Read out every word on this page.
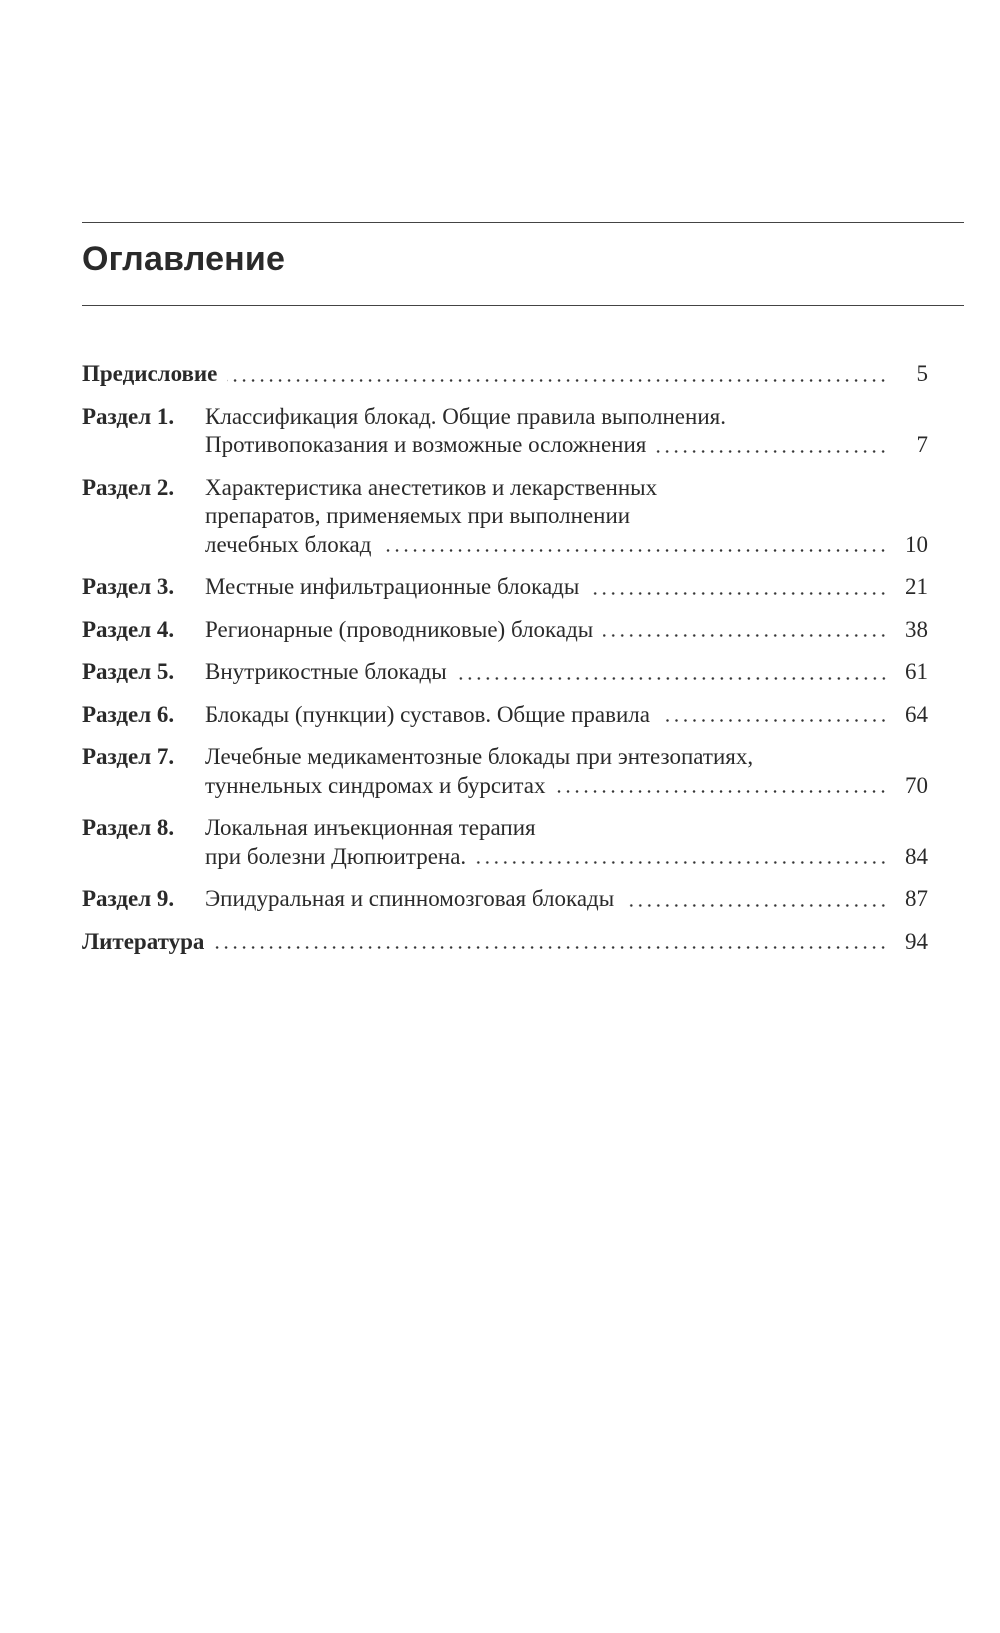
Оглавление
Предисловие	5
Раздел 1.	Классификация блокад. Общие правила выполнения.
Противопоказания и возможные осложнения	7
Раздел 2.	Характеристика анестетиков и лекарственных
препаратов, применяемых при выполнении
лечебных блокад	10
Раздел 3.	Местные инфильтрационные блокады	21
Раздел 4.	Регионарные (проводниковые) блокады	38
Раздел 5.	Внутрикостные блокады	61
Раздел 6.	Блокады (пункции) суставов. Общие правила	64
Раздел 7.	Лечебные медикаментозные блокады при энтезопатиях,
туннельных синдромах и бурситах	70
Раздел 8.	Локальная инъекционная терапия
при болезни Дюпюитрена.	84
Раздел 9.	Эпидуральная и спинномозговая блокады	87
Литература	94
